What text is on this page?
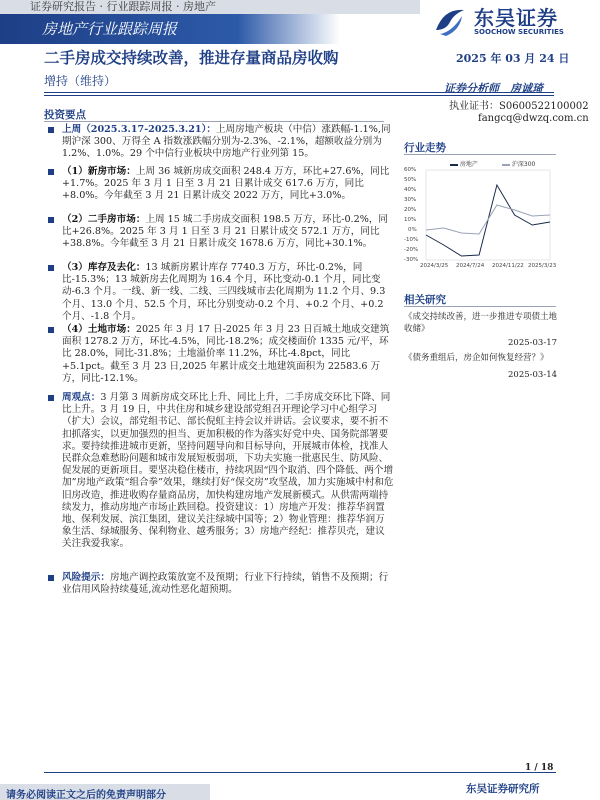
证券研究报告 · 行业跟踪周报 · 房地产
房地产行业跟踪周报	东吴证券
SOOCHOW SECURITIES
二手房成交持续改善，推进存量商品房收购	2025 年 03 月 24 日
增持（维持）
证券分析师　房诚琦
执业证书：S0600522100002
fangcq@dwzq.com.cn
投资要点
上周（2025.3.17-2025.3.21）：上周房地产板块（中信）涨跌幅-1.1%,同期沪深 300、万得全 A 指数涨跌幅分别为-2.3%、-2.1%，超额收益分别为 1.2%、1.0%。29 个中信行业板块中房地产行业列第 15。
（1）新房市场：上周 36 城新房成交面积 248.4 万方，环比+27.6%，同比+1.7%。2025 年 3 月 1 日至 3 月 21 日累计成交 617.6 万方，同比+8.0%。今年截至 3 月 21 日累计成交 2022 万方，同比+3.0%。
（2）二手房市场：上周 15 城二手房成交面积 198.5 万方，环比-0.2%，同比+26.8%。2025 年 3 月 1 日至 3 月 21 日累计成交 572.1 万方，同比+38.8%。今年截至 3 月 21 日累计成交 1678.6 万方，同比+30.1%。
（3）库存及去化：13 城新房累计库存 7740.3 万方，环比-0.2%，同比-15.3%；13 城新房去化周期为 16.4 个月，环比变动-0.1 个月，同比变动-6.3 个月。一线、新一线、二线、三四线城市去化周期为 11.2 个月、9.3 个月、13.0 个月、52.5 个月，环比分别变动-0.2 个月、+0.2 个月、+0.2 个月、-1.8 个月。
（4）土地市场：2025 年 3 月 17 日-2025 年 3 月 23 日百城土地成交建筑面积 1278.2 万方，环比-4.5%，同比-18.2%；成交楼面价 1335 元/平，环比 28.0%，同比-31.8%；土地溢价率 11.2%，环比-4.8pct，同比+5.1pct。截至 3 月 23 日,2025 年累计成交土地建筑面积为 22583.6 万方，同比-12.1%。
周观点：3 月第 3 周新房成交环比上升、同比上升，二手房成交环比下降、同比上升。3 月 19 日，中共住房和城乡建设部党组召开理论学习中心组学习（扩大）会议，部党组书记、部长倪虹主持会议并讲话。会议要求，要不折不扣抓落实，以更加强烈的担当、更加积极的作为落实好党中央、国务院部署要求。要持续推进城市更新，坚持问题导向和目标导向，开展城市体检，找准人民群众急难愁盼问题和城市发展短板弱项，下功夫实施一批惠民生、防风险、促发展的更新项目。要坚决稳住楼市，持续巩固“四个取消、四个降低、两个增加”房地产政策“组合拳”效果，继续打好“保交房”攻坚战，加力实施城中村和危旧房改造，推进收购存量商品房，加快构建房地产发展新模式。从供需两端持续发力，推动房地产市场止跌回稳。投资建议：1）房地产开发：推荐华润置地、保利发展、滨江集团，建议关注绿城中国等；2）物业管理：推荐华润万象生活、绿城服务、保利物业、越秀服务；3）房地产经纪：推荐贝壳，建议关注我爱我家。
风险提示：房地产调控政策放宽不及预期；行业下行持续，销售不及预期；行业信用风险持续蔓延,流动性恶化超预期。
行业走势
房地产	沪深300
60%
50%
40%
30%
20%
10%
0%
-10%
-20%
-30%
2024/3/25 2024/7/24 2024/11/22 2025/3/23
相关研究
《成交持续改善，进一步推进专项债土地收储》
2025-03-17
《债务重组后，房企如何恢复经营？》
2025-03-14
1 / 18
东吴证券研究所
请务必阅读正文之后的免责声明部分
